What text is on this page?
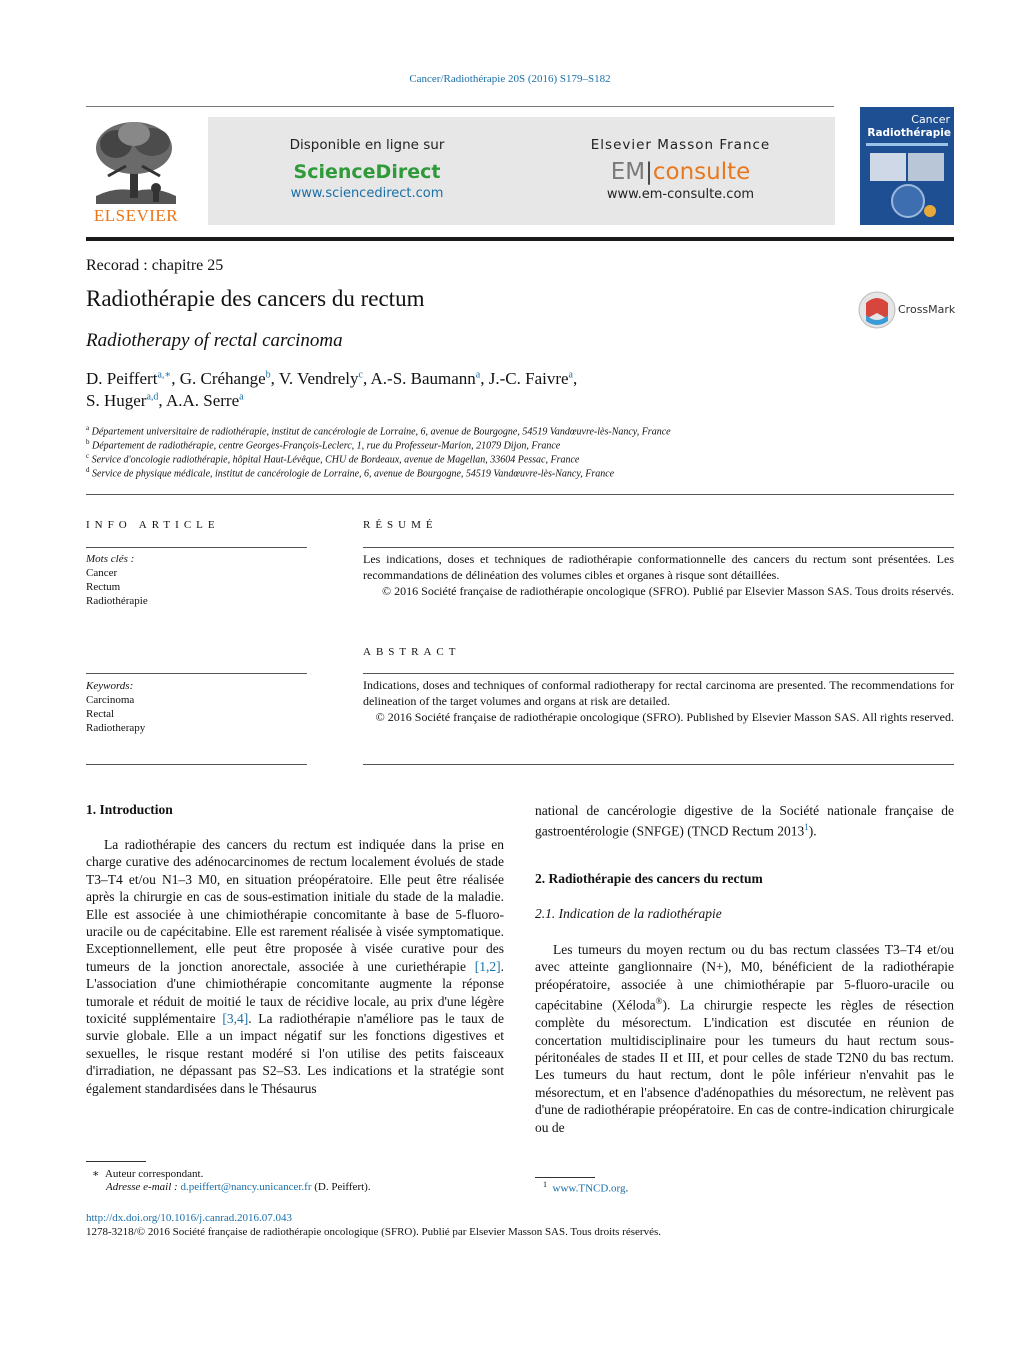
Cancer/Radiothérapie 20S (2016) S179–S182
ELSEVIER
Disponible en ligne sur
ScienceDirect
www.sciencedirect.com
Elsevier Masson France
EM|consulte
www.em-consulte.com
Cancer
Radiothérapie
Recorad : chapitre 25
Radiothérapie des cancers du rectum
Radiotherapy of rectal carcinoma
CrossMark
D. Peiffert$^{a,∗}$, G. Créhange$^b$, V. Vendrely$^c$, A.-S. Baumann$^a$, J.-C. Faivre$^a$,
S. Huger$^{a,d}$, A.A. Serre$^a$
$^a$ Département universitaire de radiothérapie, institut de cancérologie de Lorraine, 6, avenue de Bourgogne, 54519 Vandœuvre-lès-Nancy, France
$^b$ Département de radiothérapie, centre Georges-François-Leclerc, 1, rue du Professeur-Marion, 21079 Dijon, France
$^c$ Service d'oncologie radiothérapie, hôpital Haut-Lévêque, CHU de Bordeaux, avenue de Magellan, 33604 Pessac, France
$^d$ Service de physique médicale, institut de cancérologie de Lorraine, 6, avenue de Bourgogne, 54519 Vandœuvre-lès-Nancy, France
INFO ARTICLE
Mots clés :
Cancer
Rectum
Radiothérapie
Keywords:
Carcinoma
Rectal
Radiotherapy
RÉSUMÉ
Les indications, doses et techniques de radiothérapie conformationnelle des cancers du rectum sont présentées. Les recommandations de délinéation des volumes cibles et organes à risque sont détaillées.
© 2016 Société française de radiothérapie oncologique (SFRO). Publié par Elsevier Masson SAS. Tous droits réservés.
ABSTRACT
Indications, doses and techniques of conformal radiotherapy for rectal carcinoma are presented. The recommendations for delineation of the target volumes and organs at risk are detailed.
© 2016 Société française de radiothérapie oncologique (SFRO). Published by Elsevier Masson SAS. All rights reserved.
1. Introduction

La radiothérapie des cancers du rectum est indiquée dans la prise en charge curative des adénocarcinomes de rectum localement évolués de stade T3–T4 et/ou N1–3 M0, en situation préopératoire. Elle peut être réalisée après la chirurgie en cas de sous-estimation initiale du stade de la maladie. Elle est associée à une chimiothérapie concomitante à base de 5-fluoro-uracile ou de capécitabine. Elle est rarement réalisée à visée symptomatique. Exceptionnellement, elle peut être proposée à visée curative pour des tumeurs de la jonction anorectale, associée à une curiethérapie [1,2]. L'association d'une chimiothérapie concomitante augmente la réponse tumorale et réduit de moitié le taux de récidive locale, au prix d'une légère toxicité supplémentaire [3,4]. La radiothérapie n'améliore pas le taux de survie globale. Elle a un impact négatif sur les fonctions digestives et sexuelles, le risque restant modéré si l'on utilise des petits faisceaux d'irradiation, ne dépassant pas S2–S3. Les indications et la stratégie sont également standardisées dans le Thésaurus

national de cancérologie digestive de la Société nationale française de gastroentérologie (SNFGE) (TNCD Rectum 2013$^1$).
2. Radiothérapie des cancers du rectum
2.1. Indication de la radiothérapie

Les tumeurs du moyen rectum ou du bas rectum classées T3–T4 et/ou avec atteinte ganglionnaire (N+), M0, bénéficient de la radiothérapie préopératoire, associée à une chimiothérapie par 5-fluoro-uracile ou capécitabine (Xéloda®). La chirurgie respecte les règles de résection complète du mésorectum. L'indication est discutée en réunion de concertation multidisciplinaire pour les tumeurs du haut rectum sous-péritonéales de stades II et III, et pour celles de stade T2N0 du bas rectum. Les tumeurs du haut rectum, dont le pôle inférieur n'envahit pas le mésorectum, et en l'absence d'adénopathies du mésorectum, ne relèvent pas d'une de radiothérapie préopératoire. En cas de contre-indication chirurgicale ou de

∗ Auteur correspondant.
Adresse e-mail : d.peiffert@nancy.unicancer.fr (D. Peiffert).	$^1$ www.TNCD.org.
http://dx.doi.org/10.1016/j.canrad.2016.07.043
1278-3218/© 2016 Société française de radiothérapie oncologique (SFRO). Publié par Elsevier Masson SAS. Tous droits réservés.
